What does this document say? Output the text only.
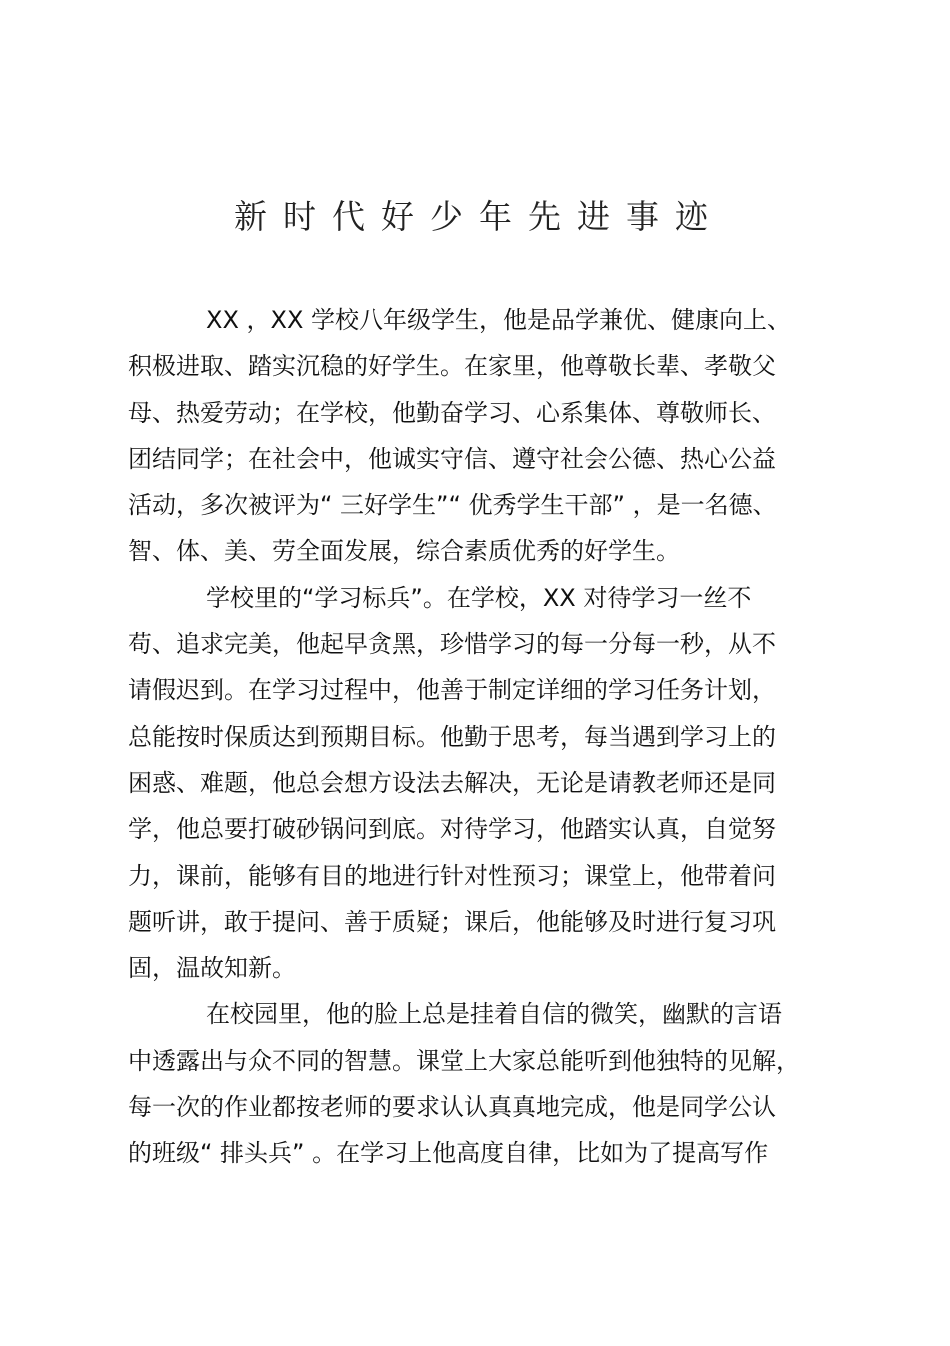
新时代好少年先进事迹
XX ，XX 学校八年级学生，他是品学兼优、健康向上、
积极进取、踏实沉稳的好学生。在家里，他尊敬长辈、孝敬父
母、热爱劳动；在学校，他勤奋学习、心系集体、尊敬师长、
团结同学；在社会中，他诚实守信、遵守社会公德、热心公益
活动，多次被评为“ 三好学生”“ 优秀学生干部” ，是一名德、
智、体、美、劳全面发展，综合素质优秀的好学生。
学校里的“学习标兵”。在学校，XX 对待学习一丝不
苟、追求完美，他起早贪黑，珍惜学习的每一分每一秒，从不
请假迟到。在学习过程中，他善于制定详细的学习任务计划，
总能按时保质达到预期目标。他勤于思考，每当遇到学习上的
困惑、难题，他总会想方设法去解决，无论是请教老师还是同
学，他总要打破砂锅问到底。对待学习，他踏实认真，自觉努
力，课前，能够有目的地进行针对性预习；课堂上，他带着问
题听讲，敢于提问、善于质疑；课后，他能够及时进行复习巩
固，温故知新。
在校园里，他的脸上总是挂着自信的微笑，幽默的言语
中透露出与众不同的智慧。课堂上大家总能听到他独特的见解，
每一次的作业都按老师的要求认认真真地完成，他是同学公认
的班级“ 排头兵” 。在学习上他高度自律，比如为了提高写作
